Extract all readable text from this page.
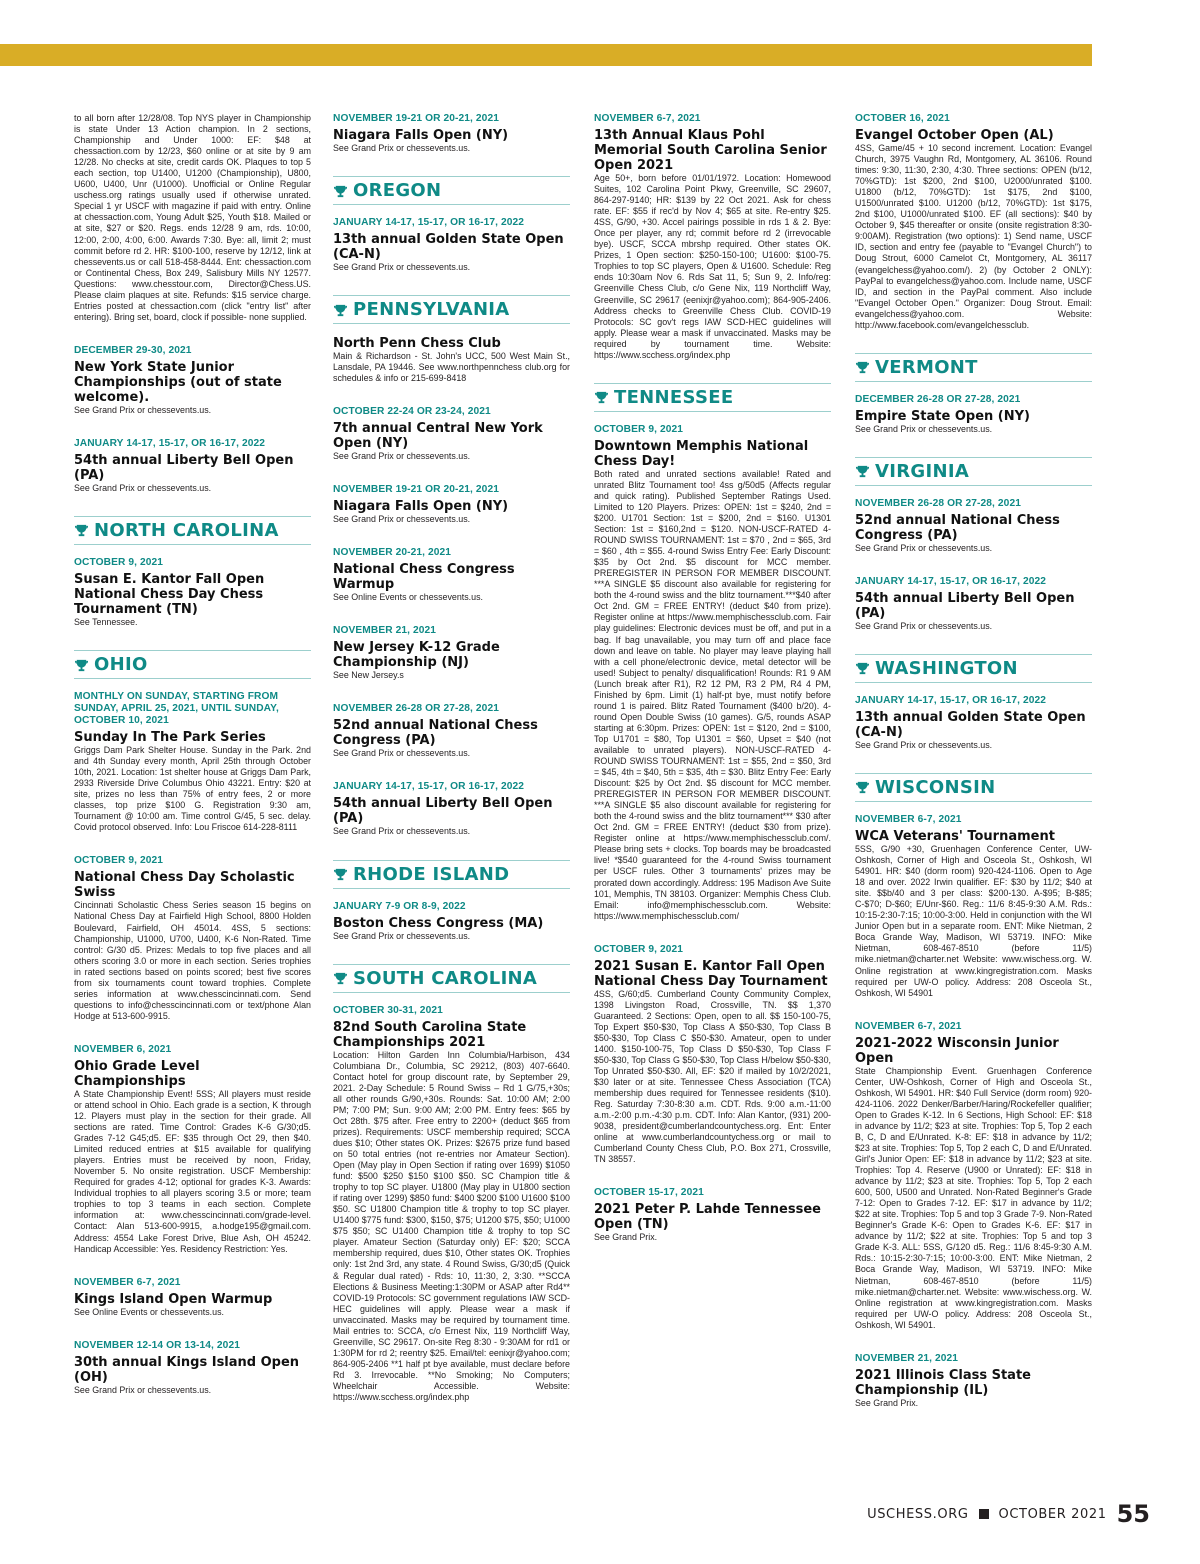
to all born after 12/28/08. Top NYS player in Championship is state Under 13 Action champion. In 2 sections, Championship and Under 1000: EF: $48 at chessaction.com by 12/23, $60 online or at site by 9 am 12/28. No checks at site, credit cards OK. Plaques to top 5 each section, top U1400, U1200 (Championship), U800, U600, U400, Unr (U1000). Unofficial or Online Regular uschess.org ratings usually used if otherwise unrated. Special 1 yr USCF with magazine if paid with entry. Online at chessaction.com, Young Adult $25, Youth $18. Mailed or at site, $27 or $20. Regs. ends 12/28 9 am, rds. 10:00, 12:00, 2:00, 4:00, 6:00. Awards 7:30. Bye: all, limit 2; must commit before rd 2. HR: $100-100, reserve by 12/12, link at chessevents.us or call 518-458-8444. Ent: chessaction.com or Continental Chess, Box 249, Salisbury Mills NY 12577. Questions: www.chesstour.com, Director@Chess.US. Please claim plaques at site. Refunds: $15 service charge. Entries posted at chessaction.com (click "entry list" after entering). Bring set, board, clock if possible- none supplied.
DECEMBER 29-30, 2021
New York State Junior Championships (out of state welcome).
See Grand Prix or chessevents.us.
JANUARY 14-17, 15-17, OR 16-17, 2022
54th annual Liberty Bell Open (PA)
See Grand Prix or chessevents.us.
NORTH CAROLINA
OCTOBER 9, 2021
Susan E. Kantor Fall Open National Chess Day Chess Tournament (TN)
See Tennessee.
OHIO
MONTHLY ON SUNDAY, STARTING FROM SUNDAY, APRIL 25, 2021, UNTIL SUNDAY, OCTOBER 10, 2021
Sunday In The Park Series
Griggs Dam Park Shelter House. Sunday in the Park. 2nd and 4th Sunday every month, April 25th through October 10th, 2021. Location: 1st shelter house at Griggs Dam Park, 2933 Riverside Drive Columbus Ohio 43221. Entry: $20 at site, prizes no less than 75% of entry fees, 2 or more classes, top prize $100 G. Registration 9:30 am, Tournament @ 10:00 am. Time control G/45, 5 sec. delay. Covid protocol observed. Info: Lou Friscoe 614-228-8111
OCTOBER 9, 2021
National Chess Day Scholastic Swiss
Cincinnati Scholastic Chess Series season 15 begins on National Chess Day at Fairfield High School, 8800 Holden Boulevard, Fairfield, OH 45014. 4SS, 5 sections: Championship, U1000, U700, U400, K-6 Non-Rated. Time control: G/30 d5. Prizes: Medals to top five places and all others scoring 3.0 or more in each section. Series trophies in rated sections based on points scored; best five scores from six tournaments count toward trophies. Complete series information at www.chesscincinnati.com. Send questions to info@chesscincinnati.com or text/phone Alan Hodge at 513-600-9915.
NOVEMBER 6, 2021
Ohio Grade Level Championships
A State Championship Event! 5SS; All players must reside or attend school in Ohio. Each grade is a section, K through 12. Players must play in the section for their grade. All sections are rated. Time Control: Grades K-6 G/30;d5. Grades 7-12 G45;d5. EF: $35 through Oct 29, then $40. Limited reduced entries at $15 available for qualifying players. Entries must be received by noon, Friday, November 5. No onsite registration. USCF Membership: Required for grades 4-12; optional for grades K-3. Awards: Individual trophies to all players scoring 3.5 or more; team trophies to top 3 teams in each section. Complete information at: www.chesscincinnati.com/grade-level. Contact: Alan 513-600-9915, a.hodge195@gmail.com. Address: 4554 Lake Forest Drive, Blue Ash, OH 45242. Handicap Accessible: Yes. Residency Restriction: Yes.
NOVEMBER 6-7, 2021
Kings Island Open Warmup
See Online Events or chessevents.us.
NOVEMBER 12-14 OR 13-14, 2021
30th annual Kings Island Open (OH)
See Grand Prix or chessevents.us.
NOVEMBER 19-21 OR 20-21, 2021
Niagara Falls Open (NY)
See Grand Prix or chessevents.us.
OREGON
JANUARY 14-17, 15-17, OR 16-17, 2022
13th annual Golden State Open (CA-N)
See Grand Prix or chessevents.us.
PENNSYLVANIA
North Penn Chess Club
Main & Richardson - St. John's UCC, 500 West Main St., Lansdale, PA 19446. See www.northpennchess club.org for schedules & info or 215-699-8418
OCTOBER 22-24 OR 23-24, 2021
7th annual Central New York Open (NY)
See Grand Prix or chessevents.us.
NOVEMBER 19-21 OR 20-21, 2021
Niagara Falls Open (NY)
See Grand Prix or chessevents.us.
NOVEMBER 20-21, 2021
National Chess Congress Warmup
See Online Events or chessevents.us.
NOVEMBER 21, 2021
New Jersey K-12 Grade Championship (NJ)
See New Jersey.s
NOVEMBER 26-28 OR 27-28, 2021
52nd annual National Chess Congress (PA)
See Grand Prix or chessevents.us.
JANUARY 14-17, 15-17, OR 16-17, 2022
54th annual Liberty Bell Open (PA)
See Grand Prix or chessevents.us.
RHODE ISLAND
JANUARY 7-9 OR 8-9, 2022
Boston Chess Congress (MA)
See Grand Prix or chessevents.us.
SOUTH CAROLINA
OCTOBER 30-31, 2021
82nd South Carolina State Championships 2021
Location: Hilton Garden Inn Columbia/Harbison, 434 Columbiana Dr., Columbia, SC 29212, (803) 407-6640. Contact hotel for group discount rate, by September 29, 2021. 2-Day Schedule: 5 Round Swiss – Rd 1 G/75,+30s; all other rounds G/90,+30s. Rounds: Sat. 10:00 AM; 2:00 PM; 7:00 PM; Sun. 9:00 AM; 2:00 PM. Entry fees: $65 by Oct 28th. $75 after. Free entry to 2200+ (deduct $65 from prizes). Requirements: USCF membership required; SCCA dues $10; Other states OK. Prizes: $2675 prize fund based on 50 total entries (not re-entries nor Amateur Section). Open (May play in Open Section if rating over 1699) $1050 fund: $500 $250 $150 $100 $50. SC Champion title & trophy to top SC player. U1800 (May play in U1800 section if rating over 1299) $850 fund: $400 $200 $100 U1600 $100 $50. SC U1800 Champion title & trophy to top SC player. U1400 $775 fund: $300, $150, $75; U1200 $75, $50; U1000 $75 $50; SC U1400 Champion title & trophy to top SC player. Amateur Section (Saturday only) EF: $20; SCCA membership required, dues $10, Other states OK. Trophies only: 1st 2nd 3rd, any state. 4 Round Swiss, G/30;d5 (Quick & Regular dual rated) - Rds: 10, 11:30, 2, 3:30. **SCCA Elections & Business Meeting:1:30PM or ASAP after Rd4** COVID-19 Protocols: SC government regulations IAW SCD-HEC guidelines will apply. Please wear a mask if unvaccinated. Masks may be required by tournament time. Mail entries to: SCCA, c/o Ernest Nix, 119 Northcliff Way, Greenville, SC 29617. On-site Reg 8:30 - 9:30AM for rd1 or 1:30PM for rd 2; reentry $25. Email/tel: eenixjr@yahoo.com; 864-905-2406 **1 half pt bye available, must declare before Rd 3. Irrevocable. **No Smoking; No Computers; Wheelchair Accessible. Website: https://www.scchess.org/index.php
NOVEMBER 6-7, 2021
13th Annual Klaus Pohl Memorial South Carolina Senior Open 2021
Age 50+, born before 01/01/1972. Location: Homewood Suites, 102 Carolina Point Pkwy, Greenville, SC 29607, 864-297-9140; HR: $139 by 22 Oct 2021. Ask for chess rate. EF: $55 if rec'd by Nov 4; $65 at site. Re-entry $25. 4SS, G/90, +30. Accel pairings possible in rds 1 & 2. Bye: Once per player, any rd; commit before rd 2 (irrevocable bye). USCF, SCCA mbrshp required. Other states OK. Prizes, 1 Open section: $250-150-100; U1600: $100-75. Trophies to top SC players, Open & U1600. Schedule: Reg ends 10:30am Nov 6. Rds Sat 11, 5; Sun 9, 2. Info/reg: Greenville Chess Club, c/o Gene Nix, 119 Northcliff Way, Greenville, SC 29617 (eenixjr@yahoo.com); 864-905-2406. Address checks to Greenville Chess Club. COVID-19 Protocols: SC gov't regs IAW SCD-HEC guidelines will apply. Please wear a mask if unvaccinated. Masks may be required by tournament time. Website: https://www.scchess.org/index.php
TENNESSEE
OCTOBER 9, 2021
Downtown Memphis National Chess Day!
Both rated and unrated sections available! Rated and unrated Blitz Tournament too! 4ss g/50d5 (Affects regular and quick rating). Published September Ratings Used. Limited to 120 Players. Prizes: OPEN: 1st = $240, 2nd = $200. U1701 Section: 1st = $200, 2nd = $160. U1301 Section: 1st = $160,2nd = $120. NON-USCF-RATED 4-ROUND SWISS TOURNAMENT: 1st = $70 , 2nd = $65, 3rd = $60 , 4th = $55. 4-round Swiss Entry Fee: Early Discount: $35 by Oct 2nd. $5 discount for MCC member. PREREGISTER IN PERSON FOR MEMBER DISCOUNT. ***A SINGLE $5 discount also available for registering for both the 4-round swiss and the blitz tournament.***$40 after Oct 2nd. GM = FREE ENTRY! (deduct $40 from prize). Register online at https://www.memphischessclub.com. Fair play guidelines: Electronic devices must be off, and put in a bag. If bag unavailable, you may turn off and place face down and leave on table. No player may leave playing hall with a cell phone/electronic device, metal detector will be used! Subject to penalty/ disqualification! Rounds: R1 9 AM (Lunch break after R1), R2 12 PM, R3 2 PM, R4 4 PM, Finished by 6pm. Limit (1) half-pt bye, must notify before round 1 is paired. Blitz Rated Tournament ($400 b/20). 4-round Open Double Swiss (10 games). G/5, rounds ASAP starting at 6:30pm. Prizes: OPEN: 1st = $120, 2nd = $100, Top U1701 = $80, Top U1301 = $60, Upset = $40 (not available to unrated players). NON-USCF-RATED 4-ROUND SWISS TOURNAMENT: 1st = $55, 2nd = $50, 3rd = $45, 4th = $40, 5th = $35, 4th = $30. Blitz Entry Fee: Early Discount: $25 by Oct 2nd. $5 discount for MCC member. PREREGISTER IN PERSON FOR MEMBER DISCOUNT. ***A SINGLE $5 also discount available for registering for both the 4-round swiss and the blitz tournament*** $30 after Oct 2nd. GM = FREE ENTRY! (deduct $30 from prize). Register online at https://www.memphischessclub.com/. Please bring sets + clocks. Top boards may be broadcasted live! *$540 guaranteed for the 4-round Swiss tournament per USCF rules. Other 3 tournaments' prizes may be prorated down accordingly. Address: 195 Madison Ave Suite 101, Memphis, TN 38103. Organizer: Memphis Chess Club. Email: info@memphischessclub.com. Website: https://www.memphischessclub.com/
OCTOBER 9, 2021
2021 Susan E. Kantor Fall Open National Chess Day Tournament
4SS, G/60;d5. Cumberland County Community Complex, 1398 Livingston Road, Crossville, TN. $$ 1,370 Guaranteed. 2 Sections: Open, open to all. $$ 150-100-75, Top Expert $50-$30, Top Class A $50-$30, Top Class B $50-$30, Top Class C $50-$30. Amateur, open to under 1400. $150-100-75, Top Class D $50-$30, Top Class F $50-$30, Top Class G $50-$30, Top Class H/below $50-$30, Top Unrated $50-$30. All, EF: $20 if mailed by 10/2/2021, $30 later or at site. Tennessee Chess Association (TCA) membership dues required for Tennessee residents ($10). Reg. Saturday 7:30-8:30 a.m. CDT. Rds. 9:00 a.m.-11:00 a.m.-2:00 p.m.-4:30 p.m. CDT. Info: Alan Kantor, (931) 200-9038, president@cumberlandcountychess.org. Ent: Enter online at www.cumberlandcountychess.org or mail to Cumberland County Chess Club, P.O. Box 271, Crossville, TN 38557.
OCTOBER 15-17, 2021
2021 Peter P. Lahde Tennessee Open (TN)
See Grand Prix.
OCTOBER 16, 2021
Evangel October Open (AL)
4SS, Game/45 + 10 second increment. Location: Evangel Church, 3975 Vaughn Rd, Montgomery, AL 36106. Round times: 9:30, 11:30, 2:30, 4:30. Three sections: OPEN (b/12, 70%GTD): 1st $200, 2nd $100, U2000/unrated $100. U1800 (b/12, 70%GTD): 1st $175, 2nd $100, U1500/unrated $100. U1200 (b/12, 70%GTD): 1st $175, 2nd $100, U1000/unrated $100. EF (all sections): $40 by October 9, $45 thereafter or onsite (onsite registration 8:30-9:00AM). Registration (two options): 1) Send name, USCF ID, section and entry fee (payable to "Evangel Church") to Doug Strout, 6000 Camelot Ct, Montgomery, AL 36117 (evangelchess@yahoo.com/). 2) (by October 2 ONLY): PayPal to evangelchess@yahoo.com. Include name, USCF ID, and section in the PayPal comment. Also include "Evangel October Open." Organizer: Doug Strout. Email: evangelchess@yahoo.com. Website: http://www.facebook.com/evangelchessclub.
VERMONT
DECEMBER 26-28 OR 27-28, 2021
Empire State Open (NY)
See Grand Prix or chessevents.us.
VIRGINIA
NOVEMBER 26-28 OR 27-28, 2021
52nd annual National Chess Congress (PA)
See Grand Prix or chessevents.us.
JANUARY 14-17, 15-17, OR 16-17, 2022
54th annual Liberty Bell Open (PA)
See Grand Prix or chessevents.us.
WASHINGTON
JANUARY 14-17, 15-17, OR 16-17, 2022
13th annual Golden State Open (CA-N)
See Grand Prix or chessevents.us.
WISCONSIN
NOVEMBER 6-7, 2021
WCA Veterans' Tournament
5SS, G/90 +30, Gruenhagen Conference Center, UW-Oshkosh, Corner of High and Osceola St., Oshkosh, WI 54901. HR: $40 (dorm room) 920-424-1106. Open to Age 18 and over. 2022 Irwin qualifier. EF: $30 by 11/2; $40 at site. $$b/40 and 3 per class: $200-130. A-$95; B-$85; C-$70; D-$60; E/Unr-$60. Reg.: 11/6 8:45-9:30 A.M. Rds.: 10:15-2:30-7:15; 10:00-3:00. Held in conjunction with the WI Junior Open but in a separate room. ENT: Mike Nietman, 2 Boca Grande Way, Madison, WI 53719. INFO: Mike Nietman, 608-467-8510 (before 11/5) mike.nietman@charter.net Website: www.wischess.org. W. Online registration at www.kingregistration.com. Masks required per UW-O policy. Address: 208 Osceola St., Oshkosh, WI 54901
NOVEMBER 6-7, 2021
2021-2022 Wisconsin Junior Open
State Championship Event. Gruenhagen Conference Center, UW-Oshkosh, Corner of High and Osceola St., Oshkosh, WI 54901. HR: $40 Full Service (dorm room) 920-424-1106. 2022 Denker/Barber/Haring/Rockefeller qualifier; Open to Grades K-12. In 6 Sections, High School: EF: $18 in advance by 11/2; $23 at site. Trophies: Top 5, Top 2 each B, C, D and E/Unrated. K-8: EF: $18 in advance by 11/2; $23 at site. Trophies: Top 5, Top 2 each C, D and E/Unrated. Girl's Junior Open: EF: $18 in advance by 11/2; $23 at site. Trophies: Top 4. Reserve (U900 or Unrated): EF: $18 in advance by 11/2; $23 at site. Trophies: Top 5, Top 2 each 600, 500, U500 and Unrated. Non-Rated Beginner's Grade 7-12: Open to Grades 7-12. EF: $17 in advance by 11/2; $22 at site. Trophies: Top 5 and top 3 Grade 7-9. Non-Rated Beginner's Grade K-6: Open to Grades K-6. EF: $17 in advance by 11/2; $22 at site. Trophies: Top 5 and top 3 Grade K-3. ALL: 5SS, G/120 d5. Reg.: 11/6 8:45-9:30 A.M. Rds.: 10:15-2:30-7:15; 10:00-3:00. ENT: Mike Nietman, 2 Boca Grande Way, Madison, WI 53719. INFO: Mike Nietman, 608-467-8510 (before 11/5) mike.nietman@charter.net. Website: www.wischess.org. W. Online registration at www.kingregistration.com. Masks required per UW-O policy. Address: 208 Osceola St., Oshkosh, WI 54901.
NOVEMBER 21, 2021
2021 Illinois Class State Championship (IL)
See Grand Prix.
USCHESS.ORG OCTOBER 2021 55
